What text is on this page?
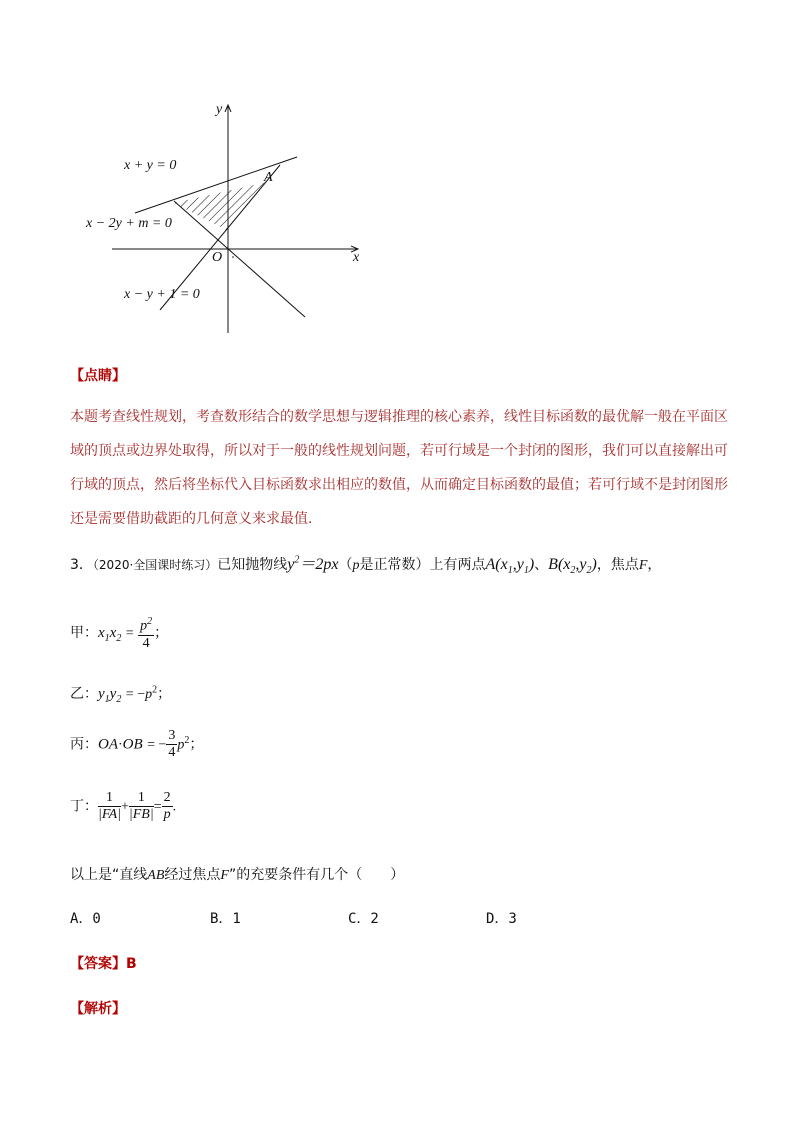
y
x
O
A
x + y = 0
x − 2y + m = 0
x − y + 1 = 0
【点睛】
本题考查线性规划，考查数形结合的数学思想与逻辑推理的核心素养，线性目标函数的最优解一般在平面区域的顶点或边界处取得，所以对于一般的线性规划问题，若可行域是一个封闭的图形，我们可以直接解出可行域的顶点，然后将坐标代入目标函数求出相应的数值，从而确定目标函数的最值；若可行域不是封闭图形还是需要借助截距的几何意义来求最值.
3．（2020·全国课时练习）已知抛物线$y^2=2px(p$是正常数）上有两点$A(x_1,y_1)$、$B(x_2,y_2)$，焦点F，
甲：$x_1x_2 = \frac{p^2}{4}$ ；
乙：$y_1y_2 = -p^2$；
丙：OA·OB = − $\frac{3}{4} p^2$；
丁： $\frac{1}{|FA|} + \frac{1}{|FB|} = \frac{2}{p}$ .
以上是“直线AB经过焦点F”的充要条件有几个（　　）
A．0	B．1	C．2	D．3
【答案】B
【解析】
